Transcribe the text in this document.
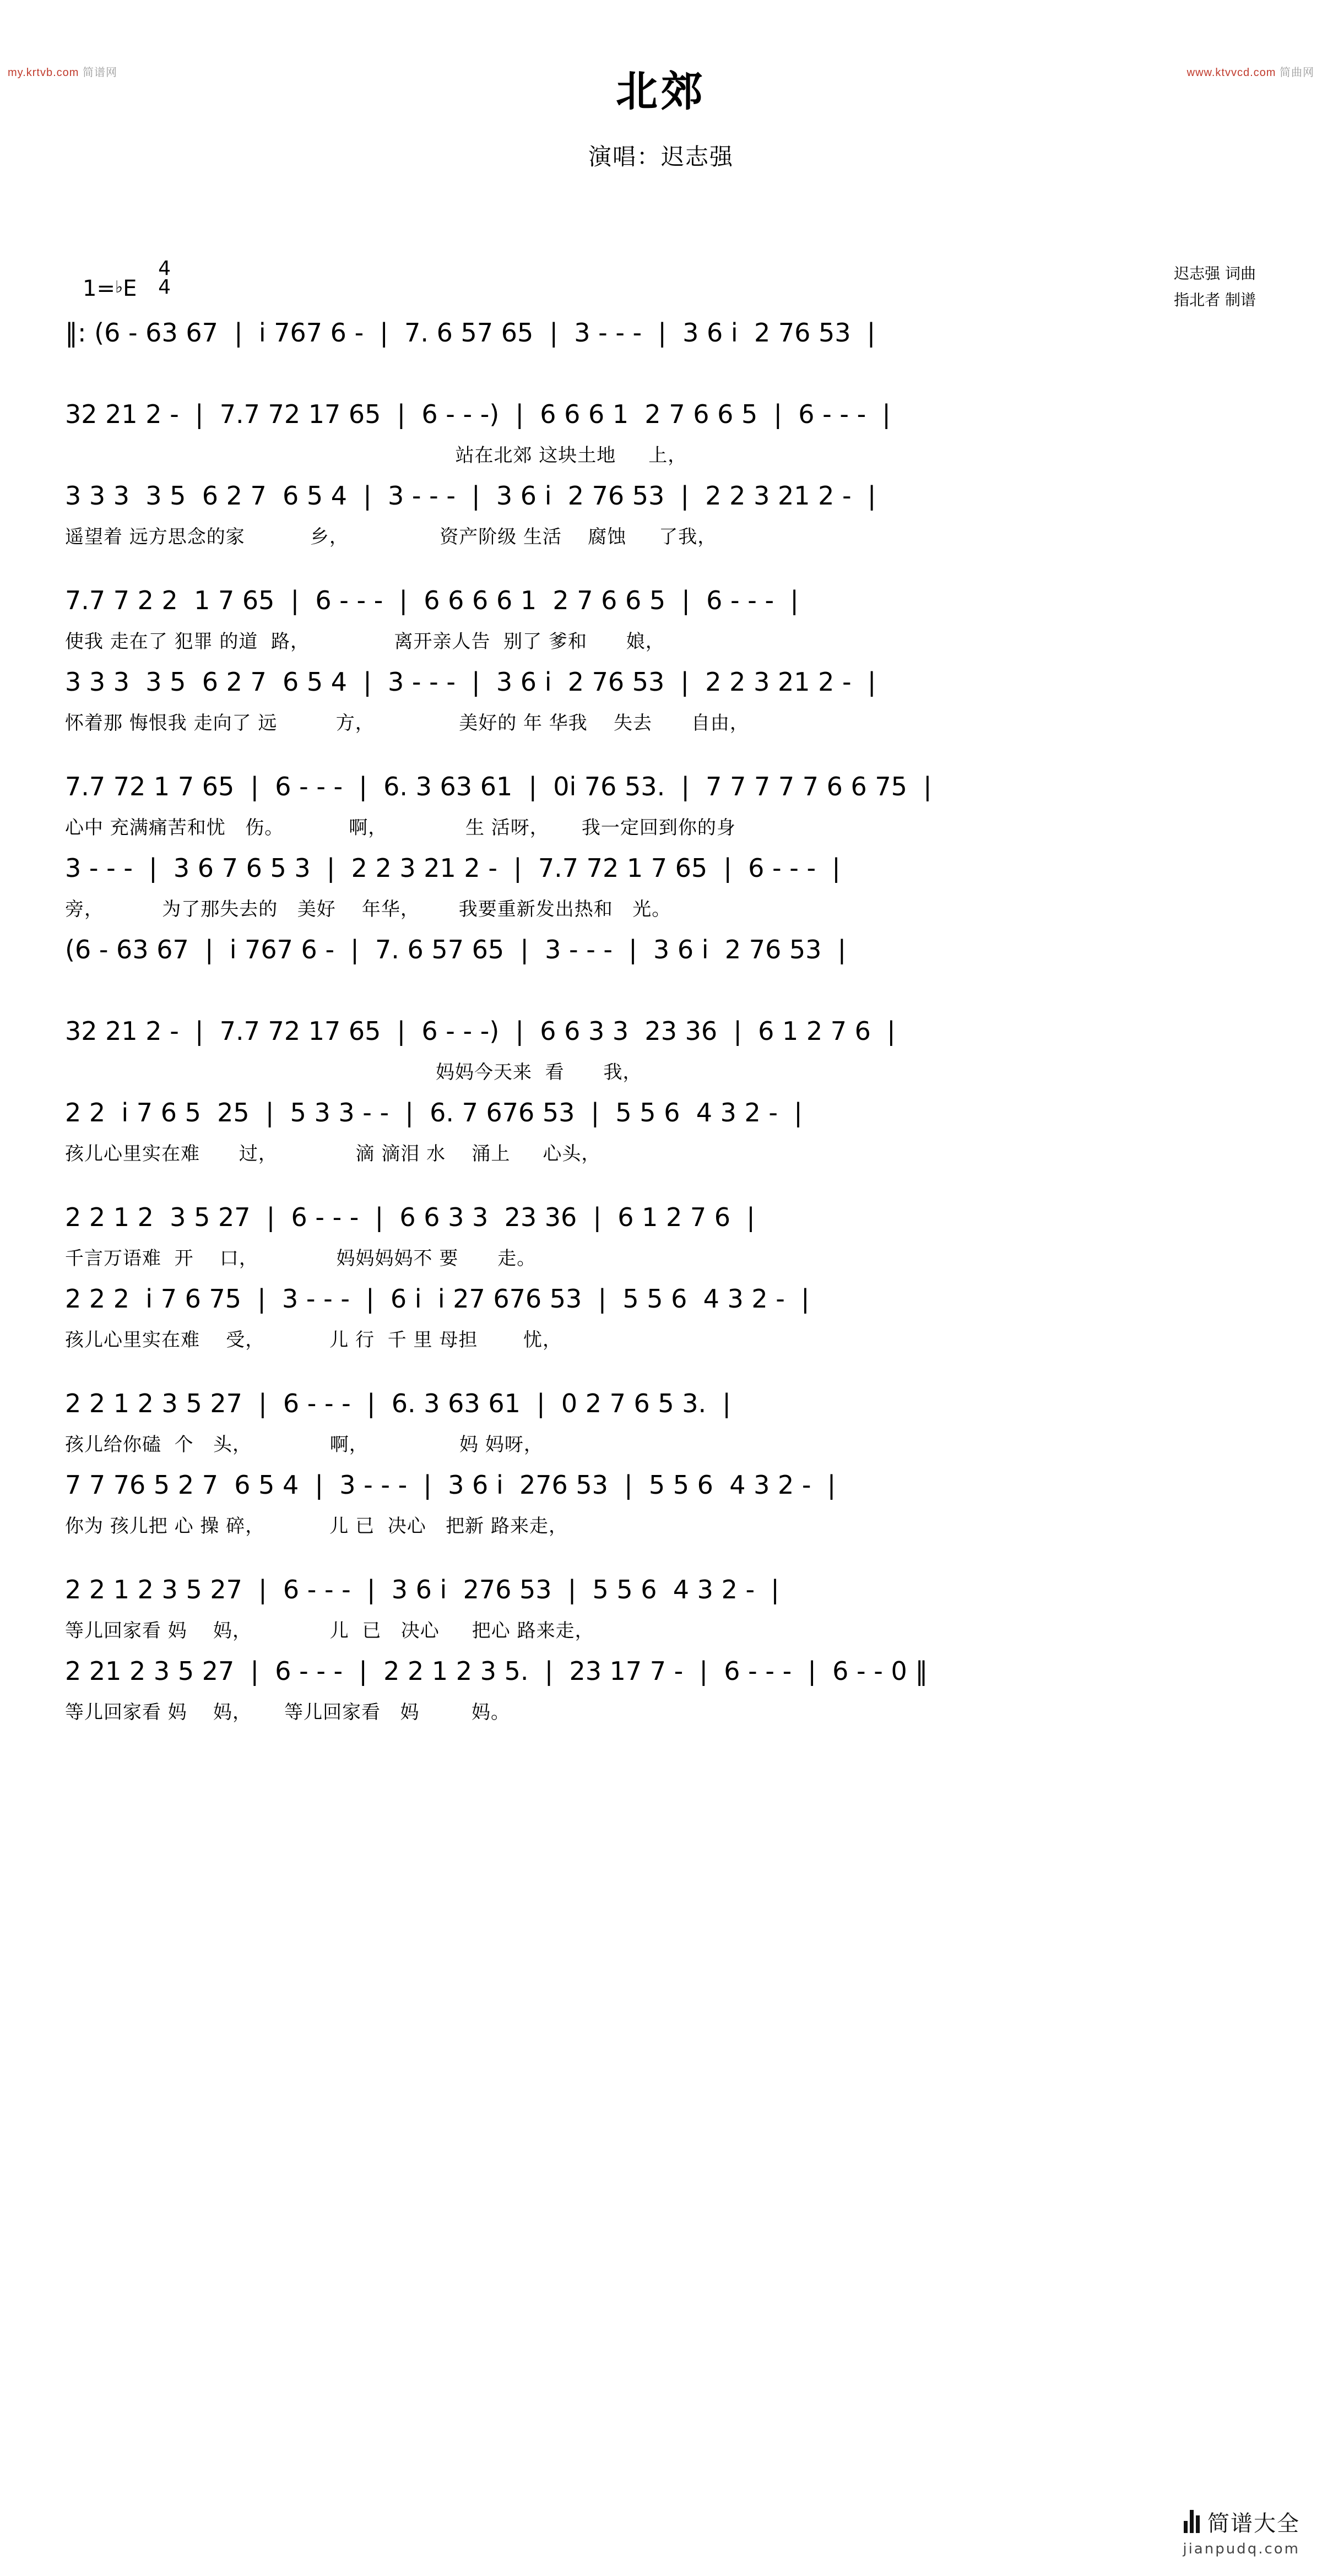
my.krtvb.com 简谱网	www.ktvvcd.com 简曲网
北郊
演唱：迟志强
迟志强 词曲
指北者 制谱
1=♭E
4
4
‖: (6 - 63 67  |  i 767 6 -  |  7. 6 57 65  |  3 - - -  |  3 6 i  2 76 53  |
32 21 2 -  |  7.7 72 17 65  |  6 - - -)  |  6 6 6 1  2 7 6 6 5  |  6 - - -  |
站在北郊 这块土地     上，
3 3 3  3 5  6 2 7  6 5 4  |  3 - - -  |  3 6 i  2 76 53  |  2 2 3 21 2 -  |
遥望着 远方思念的家          乡，              资产阶级 生活    腐蚀     了我，
7.7 7 2 2  1 7 65  |  6 - - -  |  6 6 6 6 1  2 7 6 6 5  |  6 - - -  |
使我 走在了 犯罪 的道  路，             离开亲人告  别了 爹和      娘，
3 3 3  3 5  6 2 7  6 5 4  |  3 - - -  |  3 6 i  2 76 53  |  2 2 3 21 2 -  |
怀着那 悔恨我 走向了 远         方，             美好的 年 华我    失去      自由，
7.7 72 1 7 65  |  6 - - -  |  6. 3 63 61  |  0i 76 53.  |  7 7 7 7 7 6 6 75  |
心中 充满痛苦和忧   伤。          啊，            生 活呀，     我一定回到你的身
3 - - -  |  3 6 7 6 5 3  |  2 2 3 21 2 -  |  7.7 72 1 7 65  |  6 - - -  |
旁，         为了那失去的   美好    年华，      我要重新发出热和   光。
(6 - 63 67  |  i 767 6 -  |  7. 6 57 65  |  3 - - -  |  3 6 i  2 76 53  |
32 21 2 -  |  7.7 72 17 65  |  6 - - -)  |  6 6 3 3  23 36  |  6 1 2 7 6  |
妈妈今天来  看      我，
2 2  i 7 6 5  25  |  5 3 3 - -  |  6. 7 676 53  |  5 5 6  4 3 2 -  |
孩儿心里实在难      过，            滴 滴泪 水    涌上     心头，
2 2 1 2  3 5 27  |  6 - - -  |  6 6 3 3  23 36  |  6 1 2 7 6  |
千言万语难  开    口，            妈妈妈妈不 要      走。
2 2 2  i 7 6 75  |  3 - - -  |  6 i  i 27 676 53  |  5 5 6  4 3 2 -  |
孩儿心里实在难    受，          儿 行  千 里 母担       忧，
2 2 1 2 3 5 27  |  6 - - -  |  6. 3 63 61  |  0 2 7 6 5 3.  |
孩儿给你磕  个   头，            啊，              妈 妈呀，
7 7 76 5 2 7  6 5 4  |  3 - - -  |  3 6 i  276 53  |  5 5 6  4 3 2 -  |
你为 孩儿把 心 操 碎，          儿 已  决心   把新 路来走，
2 2 1 2 3 5 27  |  6 - - -  |  3 6 i  276 53  |  5 5 6  4 3 2 -  |
等儿回家看 妈    妈，            儿  已   决心     把心 路来走，
2 21 2 3 5 27  |  6 - - -  |  2 2 1 2 3 5.  |  23 17 7 -  |  6 - - -  |  6 - - 0 ‖
等儿回家看 妈    妈，     等儿回家看   妈        妈。
简谱大全
jianpudq.com
